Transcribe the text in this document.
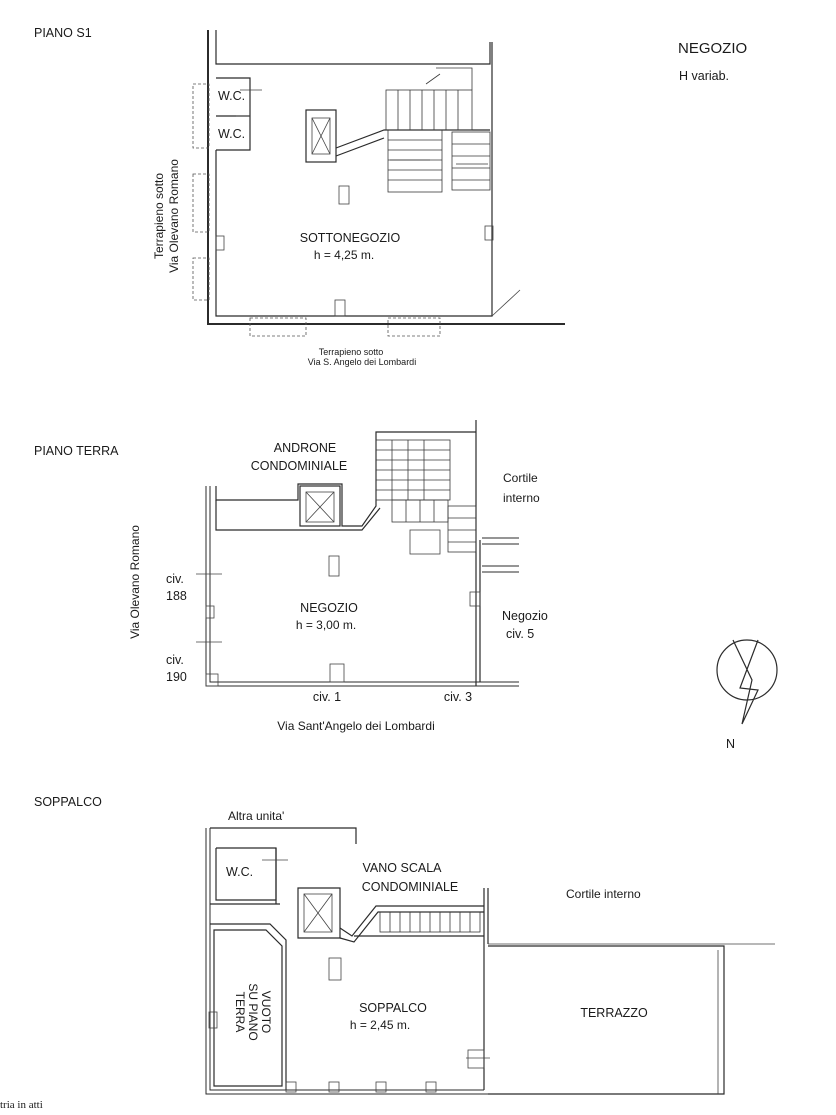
NEGOZIO
H variab.
PIANO S1
Terrapieno sotto Via Olevano Romano
W.C.
W.C.
SOTTONEGOZIO
h = 4,25 m.
Terrapieno sotto
Via S. Angelo dei Lombardi
PIANO TERRA	ANDRONE
CONDOMINIALE
Cortile
interno
Via Olevano Romano civ.
188
civ.
190
NEGOZIO
h = 3,00 m.
Negozio
civ. 5
civ. 1	civ. 3
Via Sant'Angelo dei Lombardi
N
SOPPALCO
Altra unita'
W.C.	VANO SCALA
CONDOMINIALE	Cortile interno
VUOTO
SU PIANO
TERRA	SOPPALCO
h = 2,45 m.
TERRAZZO
tria in atti
